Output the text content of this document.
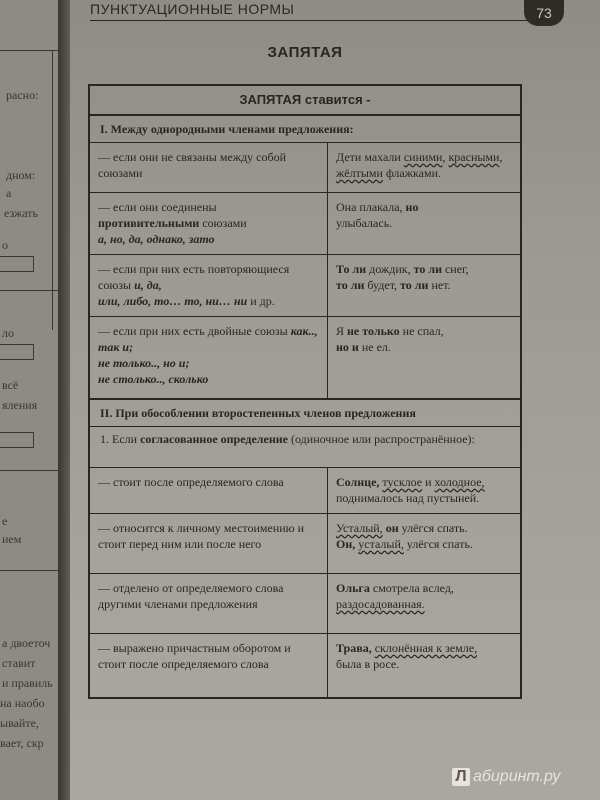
расно:
дном:
а
езжать
о
ло
всё
яления
е
ием
а двоеточ
ставит
и правиль
на наобо
ывайте,
вает, скр
ПУНКТУАЦИОННЫЕ НОРМЫ	73
ЗАПЯТАЯ
ЗАПЯТАЯ ставится -
I. Между однородными членами предложения:
— если они не связаны между собой союзами
Дети махали синими, красными, жёлтыми флажками.
— если они соединены
противительными союзами
а, но, да, однако, зато
Она плакала, но
улыбалась.
— если при них есть повторяющиеся союзы и, да,
или, либо, то… то, ни… ни и др.
То ли дождик, то ли снег,
то ли будет, то ли нет.
— если при них есть двойные союзы как.., так и;
не только.., но и;
не столько.., сколько
Я не только не спал,
но и не ел.
II. При обособлении второстепенных членов предложения
1. Если согласованное определение (одиночное или распространённое):
— стоит после определяемого слова	Солнце, тусклое и холодное,
поднималось над пустыней.
— относится к личному местоимению и стоит перед ним или после него
Усталый, он улёгся спать.
Он, усталый, улёгся спать.
— отделено от определяемого слова другими членами предложения
Ольга смотрела вслед,
раздосадованная.
— выражено причастным оборотом и стоит после определяемого слова
Трава, склонённая к земле,
была в росе.
Л абиринт.ру
